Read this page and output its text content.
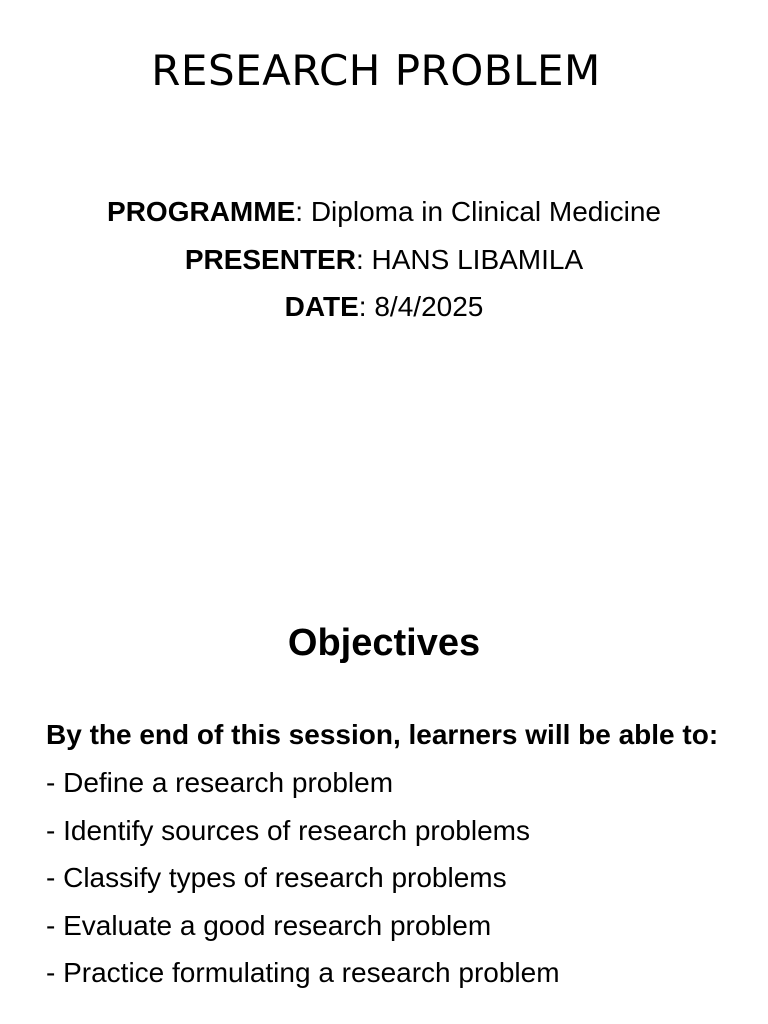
RESEARCH PROBLEM
PROGRAMME: Diploma in Clinical Medicine
PRESENTER: HANS LIBAMILA
DATE: 8/4/2025
Objectives
By the end of this session, learners will be able to:
- Define a research problem
- Identify sources of research problems
- Classify types of research problems
- Evaluate a good research problem
- Practice formulating a research problem
